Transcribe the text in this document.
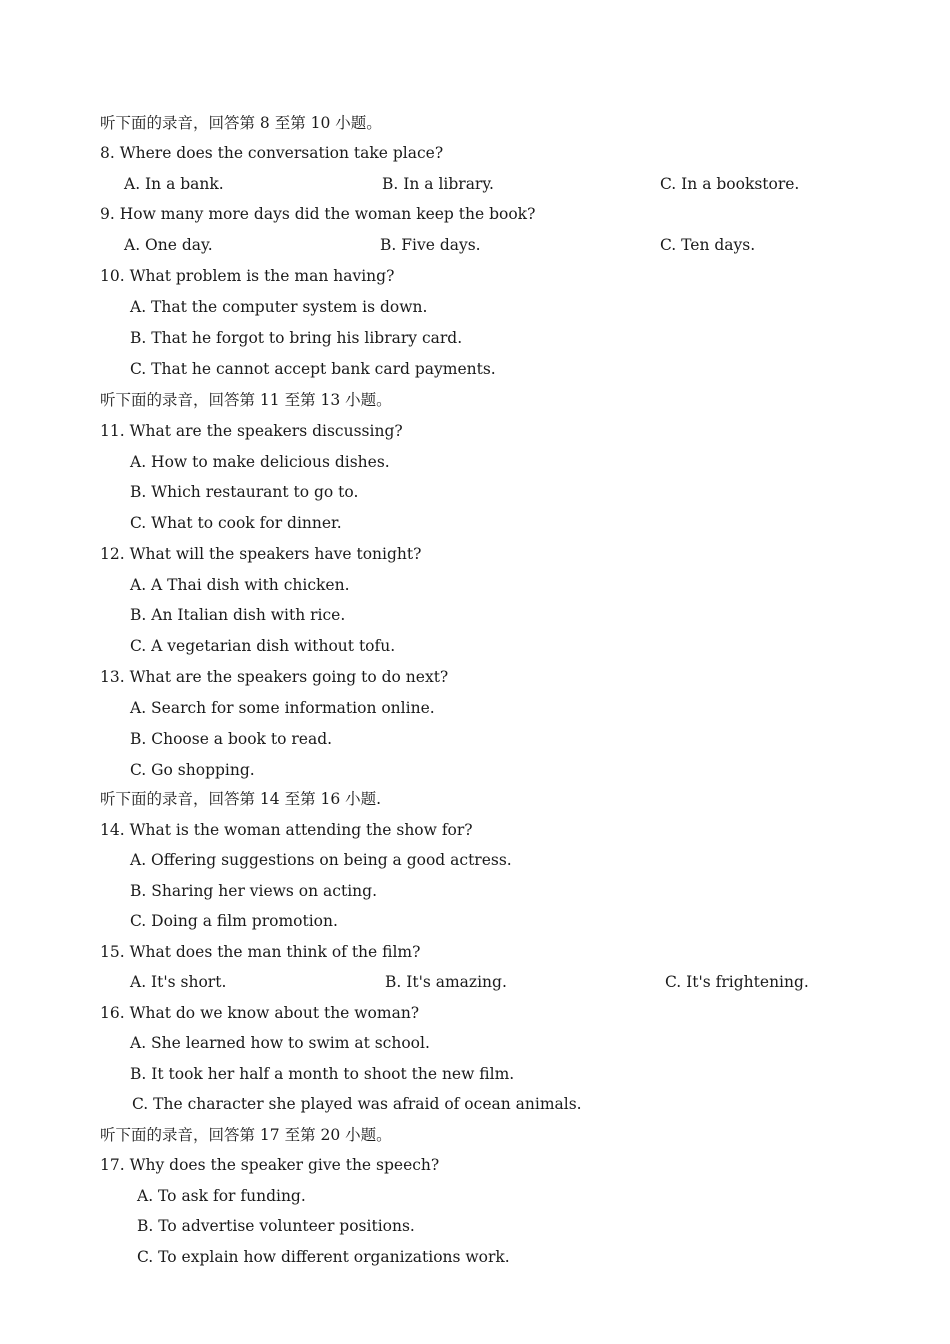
听下面的录音，回答第 8 至第 10 小题。
8. Where does the conversation take place?
A. In a bank.	B. In a library.	C. In a bookstore.
9. How many more days did the woman keep the book?
A. One day.	B. Five days.	C. Ten days.
10. What problem is the man having?
A. That the computer system is down.
B. That he forgot to bring his library card.
C. That he cannot accept bank card payments.
听下面的录音，回答第 11 至第 13 小题。
11. What are the speakers discussing?
A. How to make delicious dishes.
B. Which restaurant to go to.
C. What to cook for dinner.
12. What will the speakers have tonight?
A. A Thai dish with chicken.
B. An Italian dish with rice.
C. A vegetarian dish without tofu.
13. What are the speakers going to do next?
A. Search for some information online.
B. Choose a book to read.
C. Go shopping.
听下面的录音，回答第 14 至第 16 小题.
14. What is the woman attending the show for?
A. Offering suggestions on being a good actress.
B. Sharing her views on acting.
C. Doing a film promotion.
15. What does the man think of the film?
A. It's short.	B. It's amazing.	C. It's frightening.
16. What do we know about the woman?
A. She learned how to swim at school.
B. It took her half a month to shoot the new film.
C. The character she played was afraid of ocean animals.
听下面的录音，回答第 17 至第 20 小题。
17. Why does the speaker give the speech?
A. To ask for funding.
B. To advertise volunteer positions.
C. To explain how different organizations work.
